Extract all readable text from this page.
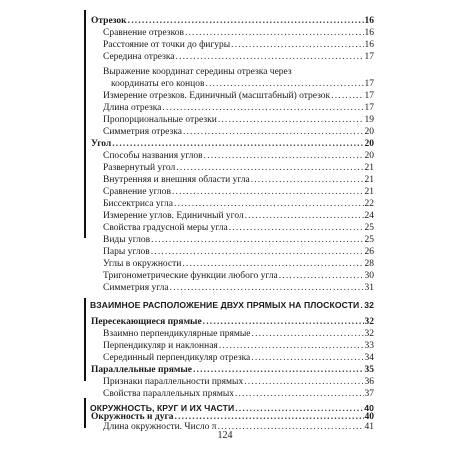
Отрезок . . .	16
Сравнение отрезков . . .	16
Расстояние от точки до фигуры . . .	16
Середина отрезка . . .	17
Выражение координат середины отрезка через
координаты его концов . . .	17
Измерение отрезков. Единичный (масштабный) отрезок . . .	17
Длина отрезка . . .	17
Пропорциональные отрезки . . .	19
Симметрия отрезка . . .	20
Угол . . .	20
Способы названия углов . . .	20
Развернутый угол . . .	21
Внутренняя и внешняя области угла . . .	21
Сравнение углов . . .	21
Биссектриса угла . . .	22
Измерение углов. Единичный угол . . .	24
Свойства градусной меры угла . . .	25
Виды углов . . .	25
Пары углов . . .	26
Углы в окружности . . .	28
Тригонометрические функции любого угла . . .	30
Симметрия угла . . .	31
ВЗАИМНОЕ РАСПОЛОЖЕНИЕ ДВУХ ПРЯМЫХ НА ПЛОСКОСТИ . . . 32
Пересекающиеся прямые . . .	32
Взаимно перпендикулярные прямые . . .	32
Перпендикуляр и наклонная . . .	33
Серединный перпендикуляр отрезка . . .	34
Параллельные прямые . . .	35
Признаки параллельности прямых . . .	36
Свойства параллельных прямых . . .	37
ОКРУЖНОСТЬ, КРУГ И ИХ ЧАСТИ . . .	40
Окружность и дуга . . .	40
Длина окружности. Число π . . .	41
124
